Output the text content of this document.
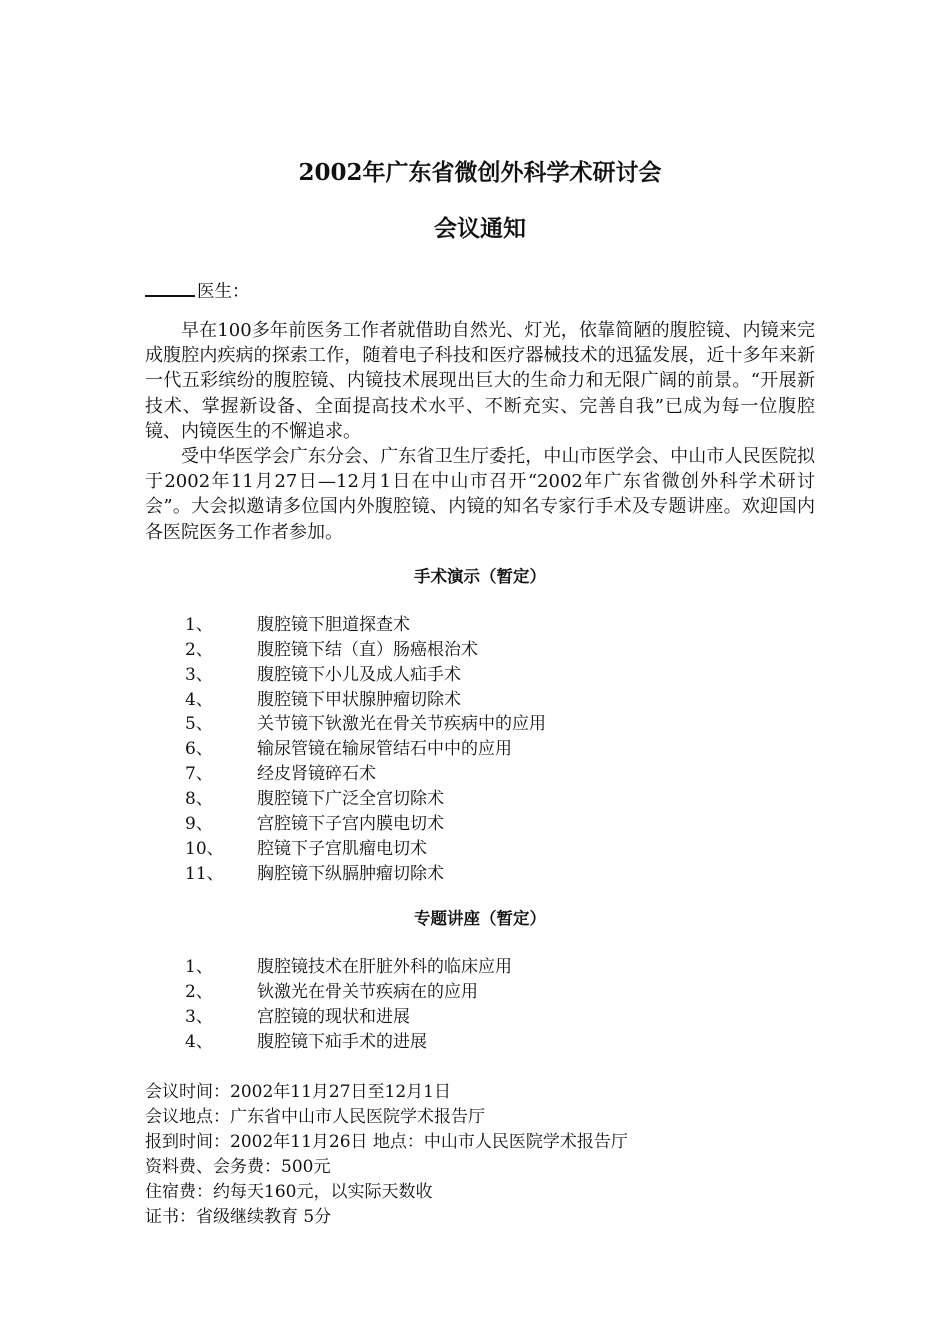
2002年广东省微创外科学术研讨会
会议通知
医生：

早在100多年前医务工作者就借助自然光、灯光，依靠简陋的腹腔镜、内镜来完成腹腔内疾病的探索工作，随着电子科技和医疗器械技术的迅猛发展，近十多年来新一代五彩缤纷的腹腔镜、内镜技术展现出巨大的生命力和无限广阔的前景。“开展新技术、掌握新设备、全面提高技术水平、不断充实、完善自我”已成为每一位腹腔镜、内镜医生的不懈追求。

受中华医学会广东分会、广东省卫生厅委托，中山市医学会、中山市人民医院拟于2002年11月27日—12月1日在中山市召开“2002年广东省微创外科学术研讨会”。大会拟邀请多位国内外腹腔镜、内镜的知名专家行手术及专题讲座。欢迎国内各医院医务工作者参加。

手术演示（暂定）
1、	腹腔镜下胆道探查术
2、	腹腔镜下结（直）肠癌根治术
3、	腹腔镜下小儿及成人疝手术
4、	腹腔镜下甲状腺肿瘤切除术
5、	关节镜下钬激光在骨关节疾病中的应用
6、	输尿管镜在输尿管结石中中的应用
7、	经皮肾镜碎石术
8、	腹腔镜下广泛全宫切除术
9、	宫腔镜下子宫内膜电切术
10、	腔镜下子宫肌瘤电切术
11、	胸腔镜下纵膈肿瘤切除术
专题讲座（暂定）
1、	腹腔镜技术在肝脏外科的临床应用
2、	钬激光在骨关节疾病在的应用
3、	宫腔镜的现状和进展
4、	腹腔镜下疝手术的进展
会议时间：2002年11月27日至12月1日
会议地点：广东省中山市人民医院学术报告厅
报到时间：2002年11月26日 地点：中山市人民医院学术报告厅
资料费、会务费：500元
住宿费：约每天160元，以实际天数收
证书：省级继续教育 5分
